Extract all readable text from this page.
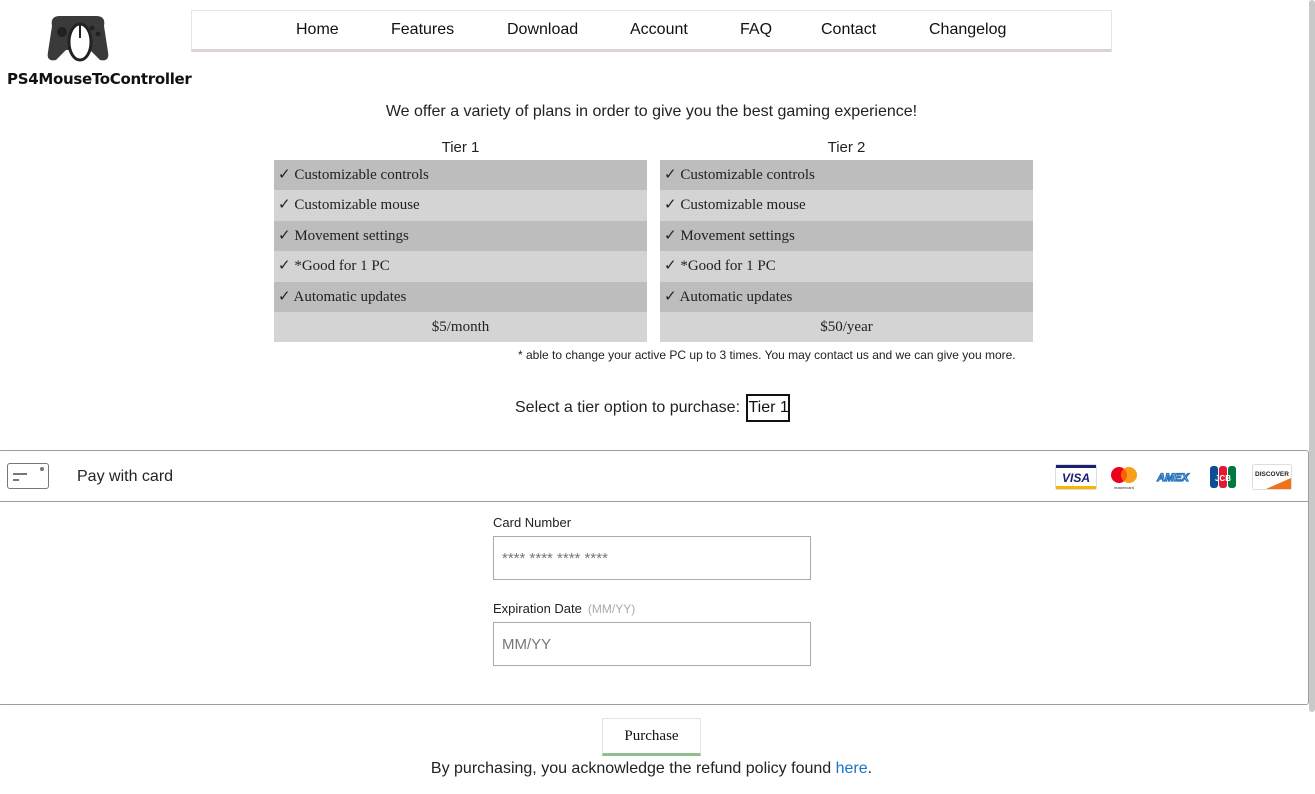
PS4MouseToController
Home	Features	Download	Account	FAQ	Contact	Changelog
We offer a variety of plans in order to give you the best gaming experience!
Tier 1
✓ Customizable controls
✓ Customizable mouse
✓ Movement settings
✓ *Good for 1 PC
✓ Automatic updates
$5/month
Tier 2
✓ Customizable controls
✓ Customizable mouse
✓ Movement settings
✓ *Good for 1 PC
✓ Automatic updates
$50/year
* able to change your active PC up to 3 times. You may contact us and we can give you more.
Select a tier option to purchase: Tier 1
Pay with card	VISA
mastercard
AMEX	JCB	DISCOVER
Card Number
**** **** **** ****
Expiration Date (MM/YY)
MM/YY
Purchase
By purchasing, you acknowledge the refund policy found here.
